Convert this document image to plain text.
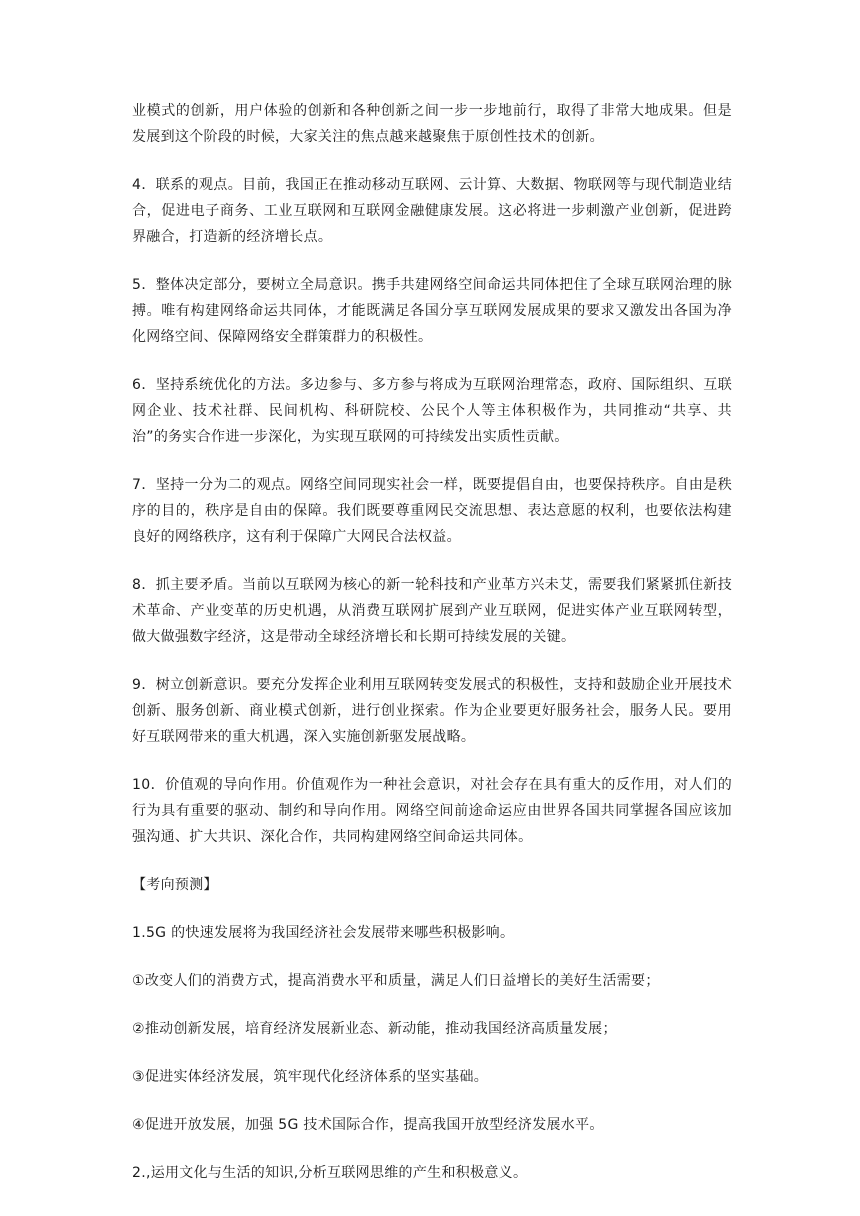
业模式的创新，用户体验的创新和各种创新之间一步一步地前行，取得了非常大地成果。但是发展到这个阶段的时候，大家关注的焦点越来越聚焦于原创性技术的创新。

4．联系的观点。目前，我国正在推动移动互联网、云计算、大数据、物联网等与现代制造业结合，促进电子商务、工业互联网和互联网金融健康发展。这必将进一步刺激产业创新，促进跨界融合，打造新的经济增长点。

5．整体决定部分，要树立全局意识。携手共建网络空间命运共同体把住了全球互联网治理的脉搏。唯有构建网络命运共同体，才能既满足各国分享互联网发展成果的要求又激发出各国为净化网络空间、保障网络安全群策群力的积极性。

6．坚持系统优化的方法。多边参与、多方参与将成为互联网治理常态，政府、国际组织、互联网企业、技术社群、民间机构、科研院校、公民个人等主体积极作为，共同推动“共享、共治”的务实合作进一步深化，为实现互联网的可持续发出实质性贡献。

7．坚持一分为二的观点。网络空间同现实社会一样，既要提倡自由，也要保持秩序。自由是秩序的目的，秩序是自由的保障。我们既要尊重网民交流思想、表达意愿的权利，也要依法构建良好的网络秩序，这有利于保障广大网民合法权益。

8．抓主要矛盾。当前以互联网为核心的新一轮科技和产业革方兴未艾，需要我们紧紧抓住新技术革命、产业变革的历史机遇，从消费互联网扩展到产业互联网，促进实体产业互联网转型，做大做强数字经济，这是带动全球经济增长和长期可持续发展的关键。

9．树立创新意识。要充分发挥企业利用互联网转变发展式的积极性，支持和鼓励企业开展技术创新、服务创新、商业模式创新，进行创业探索。作为企业要更好服务社会，服务人民。要用好互联网带来的重大机遇，深入实施创新驱发展战略。

10．价值观的导向作用。价值观作为一种社会意识，对社会存在具有重大的反作用，对人们的行为具有重要的驱动、制约和导向作用。网络空间前途命运应由世界各国共同掌握各国应该加强沟通、扩大共识、深化合作，共同构建网络空间命运共同体。

【考向预测】

1.5G 的快速发展将为我国经济社会发展带来哪些积极影响。

①改变人们的消费方式，提高消费水平和质量，满足人们日益增长的美好生活需要；

②推动创新发展，培育经济发展新业态、新动能，推动我国经济高质量发展；

③促进实体经济发展，筑牢现代化经济体系的坚实基础。

④促进开放发展，加强 5G 技术国际合作，提高我国开放型经济发展水平。

2.,运用文化与生活的知识,分析互联网思维的产生和积极意义。
